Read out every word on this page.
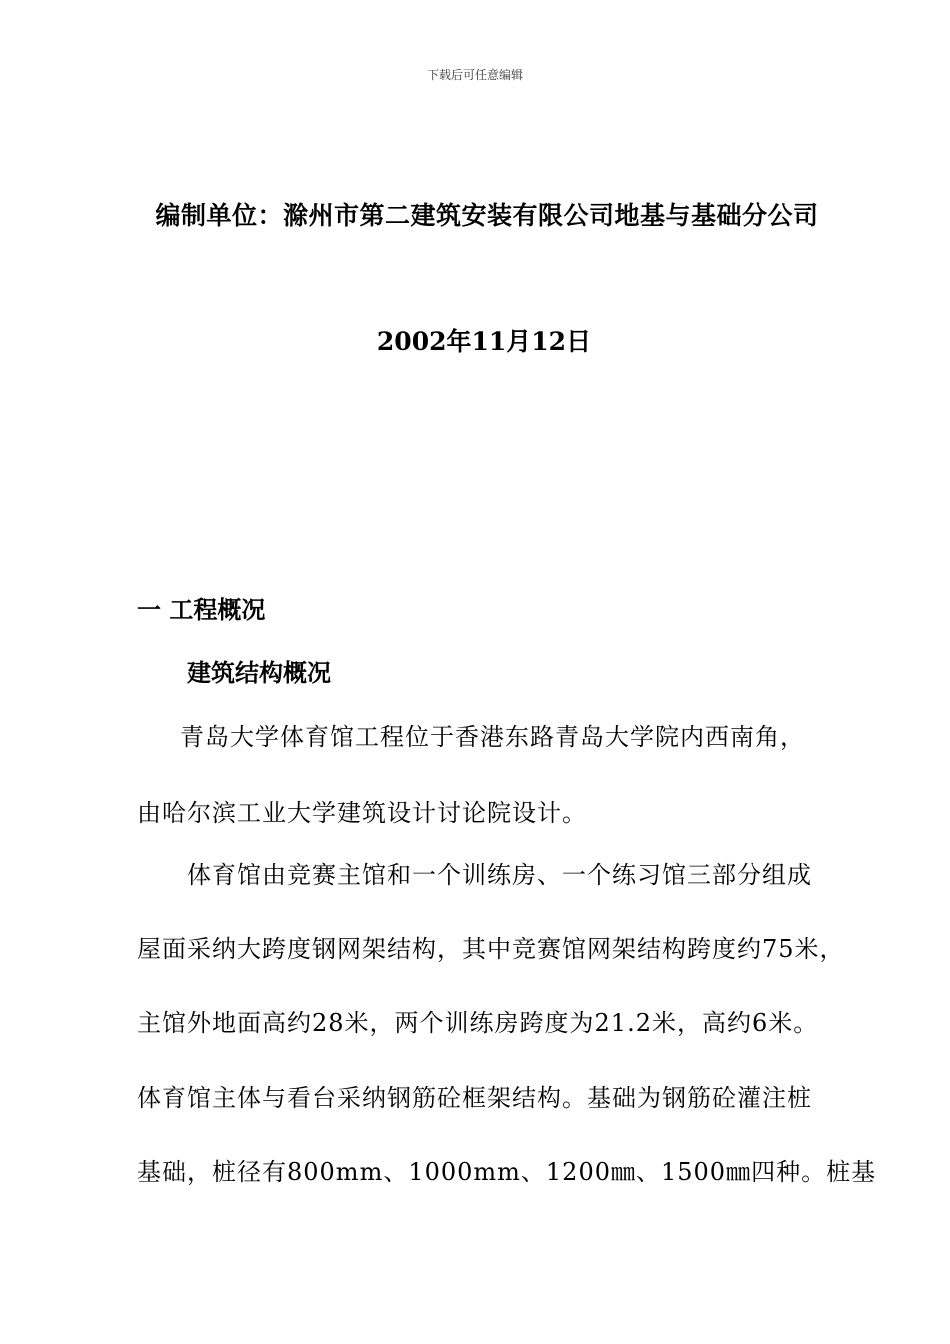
下载后可任意编辑
编制单位：滁州市第二建筑安装有限公司地基与基础分公司
2002年11月12日
一 工程概况
建筑结构概况
青岛大学体育馆工程位于香港东路青岛大学院内西南角，
由哈尔滨工业大学建筑设计讨论院设计。
体育馆由竞赛主馆和一个训练房、一个练习馆三部分组成
屋面采纳大跨度钢网架结构，其中竞赛馆网架结构跨度约75米，
主馆外地面高约28米，两个训练房跨度为21.2米，高约6米。
体育馆主体与看台采纳钢筋砼框架结构。基础为钢筋砼灌注桩
基础，桩径有800mm、1000mm、1200㎜、1500㎜四种。桩基
